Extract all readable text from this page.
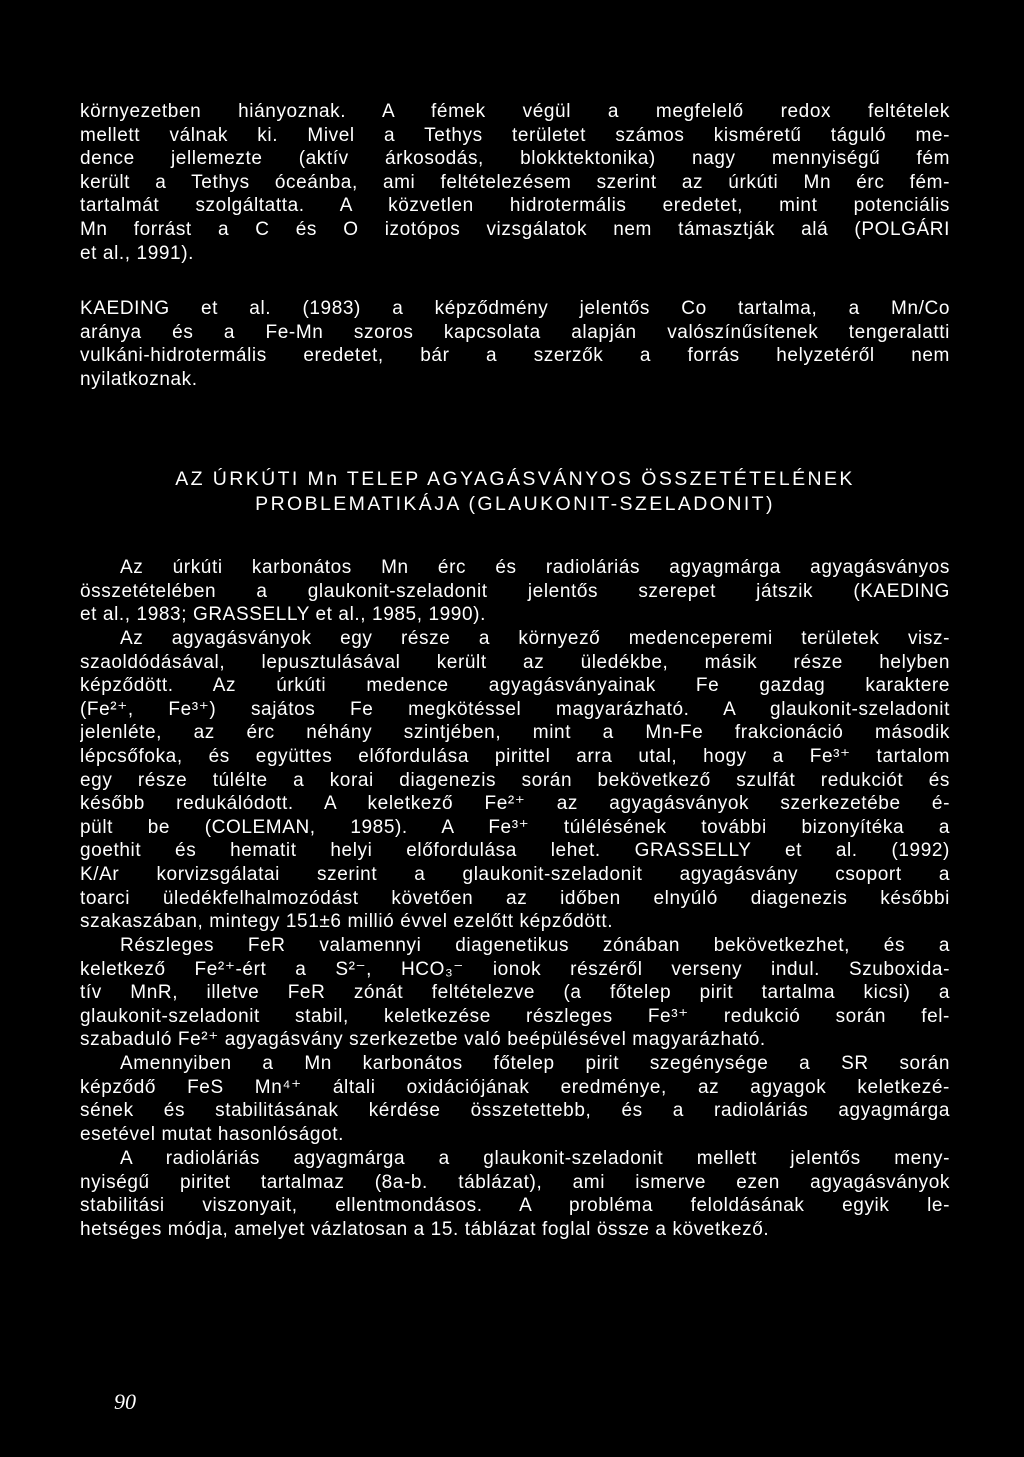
környezetben hiányoznak. A fémek végül a megfelelő redox feltételek
mellett válnak ki. Mivel a Tethys területet számos kisméretű táguló me-
dence jellemezte (aktív árkosodás, blokktektonika) nagy mennyiségű fém
került a Tethys óceánba, ami feltételezésem szerint az úrkúti Mn érc fém-
tartalmát szolgáltatta. A közvetlen hidrotermális eredetet, mint potenciális
Mn forrást a C és O izotópos vizsgálatok nem támasztják alá (POLGÁRI
et al., 1991).
KAEDING et al. (1983) a képződmény jelentős Co tartalma, a Mn/Co
aránya és a Fe-Mn szoros kapcsolata alapján valószínűsítenek tengeralatti
vulkáni-hidrotermális eredetet, bár a szerzők a forrás helyzetéről nem
nyilatkoznak.
AZ ÚRKÚTI Mn TELEP AGYAGÁSVÁNYOS ÖSSZETÉTELÉNEK
PROBLEMATIKÁJA (GLAUKONIT-SZELADONIT)
Az úrkúti karbonátos Mn érc és radioláriás agyagmárga agyagásványos
összetételében a glaukonit-szeladonit jelentős szerepet játszik (KAEDING
et al., 1983; GRASSELLY et al., 1985, 1990).
Az agyagásványok egy része a környező medenceperemi területek visz-
szaoldódásával, lepusztulásával került az üledékbe, másik része helyben
képződött. Az úrkúti medence agyagásványainak Fe gazdag karaktere
(Fe²⁺, Fe³⁺) sajátos Fe megkötéssel magyarázható. A glaukonit-szeladonit
jelenléte, az érc néhány szintjében, mint a Mn-Fe frakcionáció második
lépcsőfoka, és együttes előfordulása pirittel arra utal, hogy a Fe³⁺ tartalom
egy része túlélte a korai diagenezis során bekövetkező szulfát redukciót és
később redukálódott. A keletkező Fe²⁺ az agyagásványok szerkezetébe é-
pült be (COLEMAN, 1985). A Fe³⁺ túlélésének további bizonyítéka a
goethit és hematit helyi előfordulása lehet. GRASSELLY et al. (1992)
K/Ar korvizsgálatai szerint a glaukonit-szeladonit agyagásvány csoport a
toarci üledékfelhalmozódást követően az időben elnyúló diagenezis későbbi
szakaszában, mintegy 151±6 millió évvel ezelőtt képződött.
Részleges FeR valamennyi diagenetikus zónában bekövetkezhet, és a
keletkező Fe²⁺-ért a S²⁻, HCO₃⁻ ionok részéről verseny indul. Szuboxida-
tív MnR, illetve FeR zónát feltételezve (a főtelep pirit tartalma kicsi) a
glaukonit-szeladonit stabil, keletkezése részleges Fe³⁺ redukció során fel-
szabaduló Fe²⁺ agyagásvány szerkezetbe való beépülésével magyarázható.
Amennyiben a Mn karbonátos főtelep pirit szegénysége a SR során
képződő FeS Mn⁴⁺ általi oxidációjának eredménye, az agyagok keletkezé-
sének és stabilitásának kérdése összetettebb, és a radioláriás agyagmárga
esetével mutat hasonlóságot.
A radioláriás agyagmárga a glaukonit-szeladonit mellett jelentős meny-
nyiségű piritet tartalmaz (8a-b. táblázat), ami ismerve ezen agyagásványok
stabilitási viszonyait, ellentmondásos. A probléma feloldásának egyik le-
hetséges módja, amelyet vázlatosan a 15. táblázat foglal össze a következő.
90
